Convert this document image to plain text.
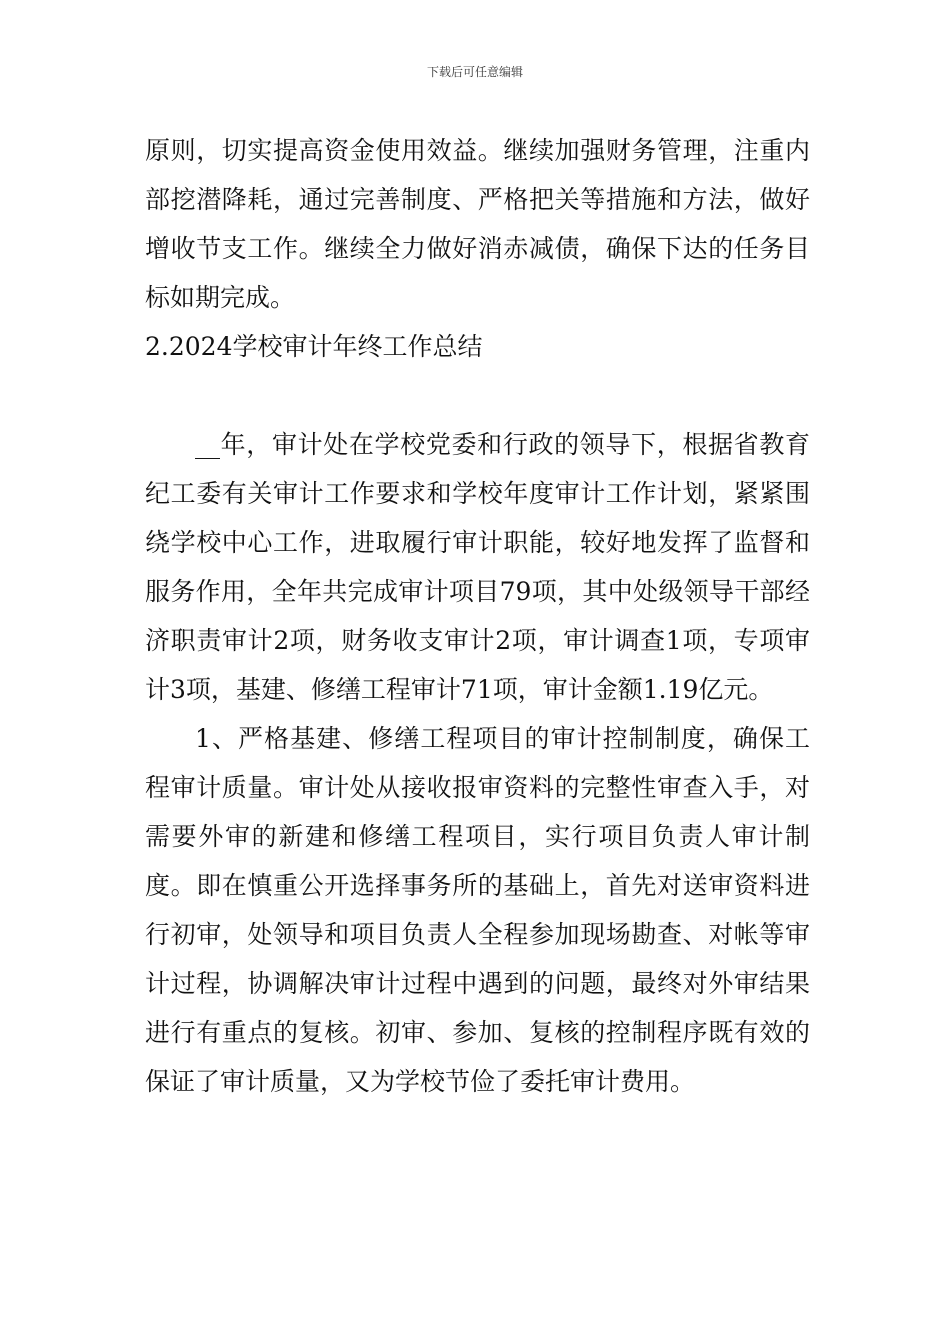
下载后可任意编辑

原则，切实提高资金使用效益。继续加强财务管理，注重内部挖潜降耗，通过完善制度、严格把关等措施和方法，做好增收节支工作。继续全力做好消赤减债，确保下达的任务目标如期完成。

2.2024学校审计年终工作总结

__年，审计处在学校党委和行政的领导下，根据省教育纪工委有关审计工作要求和学校年度审计工作计划，紧紧围绕学校中心工作，进取履行审计职能，较好地发挥了监督和服务作用，全年共完成审计项目79项，其中处级领导干部经济职责审计2项，财务收支审计2项，审计调查1项，专项审计3项，基建、修缮工程审计71项，审计金额1.19亿元。

1、严格基建、修缮工程项目的审计控制制度，确保工程审计质量。审计处从接收报审资料的完整性审查入手，对需要外审的新建和修缮工程项目，实行项目负责人审计制度。即在慎重公开选择事务所的基础上，首先对送审资料进行初审，处领导和项目负责人全程参加现场勘查、对帐等审计过程，协调解决审计过程中遇到的问题，最终对外审结果进行有重点的复核。初审、参加、复核的控制程序既有效的保证了审计质量，又为学校节俭了委托审计费用。
